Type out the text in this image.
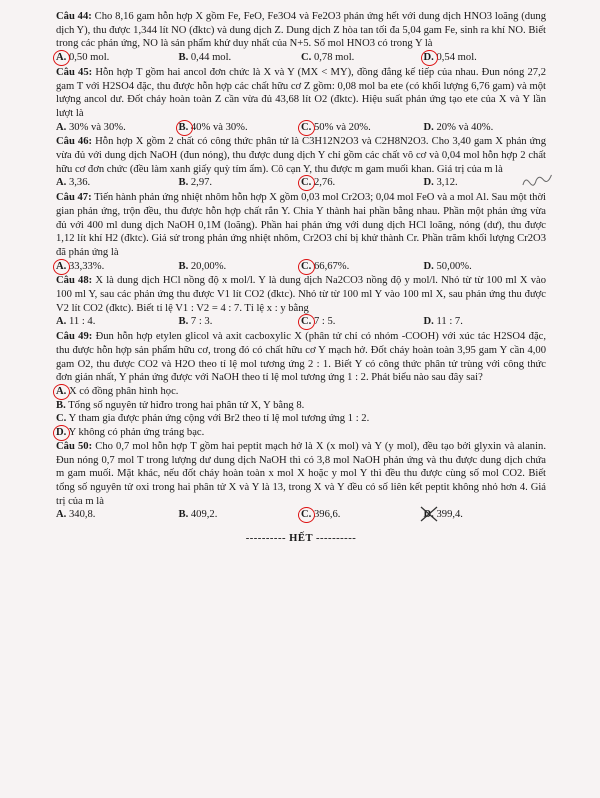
Câu 44: Cho 8,16 gam hỗn hợp X gồm Fe, FeO, Fe3O4 và Fe2O3 phản ứng hết với dung dịch HNO3 loãng (dung dịch Y), thu được 1,344 lít NO (đktc) và dung dịch Z. Dung dịch Z hòa tan tối đa 5,04 gam Fe, sinh ra khí NO. Biết trong các phản ứng, NO là sản phẩm khử duy nhất của N+5. Số mol HNO3 có trong Y là

A. 0,50 mol.	B. 0,44 mol.	C. 0,78 mol.	D. 0,54 mol.

Câu 45: Hỗn hợp T gồm hai ancol đơn chức là X và Y (MX < MY), đồng đẳng kế tiếp của nhau. Đun nóng 27,2 gam T với H2SO4 đặc, thu được hỗn hợp các chất hữu cơ Z gồm: 0,08 mol ba ete (có khối lượng 6,76 gam) và một lượng ancol dư. Đốt cháy hoàn toàn Z cần vừa đủ 43,68 lít O2 (đktc). Hiệu suất phản ứng tạo ete của X và Y lần lượt là

A. 30% và 30%.	B. 40% và 30%.	C. 50% và 20%.	D. 20% và 40%.

Câu 46: Hỗn hợp X gồm 2 chất có công thức phân tử là C3H12N2O3 và C2H8N2O3. Cho 3,40 gam X phản ứng vừa đủ với dung dịch NaOH (đun nóng), thu được dung dịch Y chỉ gồm các chất vô cơ và 0,04 mol hỗn hợp 2 chất hữu cơ đơn chức (đều làm xanh giấy quỳ tím ẩm). Cô cạn Y, thu được m gam muối khan. Giá trị của m là

A. 3,36.	B. 2,97.	C. 2,76.	D. 3,12.

Câu 47: Tiến hành phản ứng nhiệt nhôm hỗn hợp X gồm 0,03 mol Cr2O3; 0,04 mol FeO và a mol Al. Sau một thời gian phản ứng, trộn đều, thu được hỗn hợp chất rắn Y. Chia Y thành hai phần bằng nhau. Phần một phản ứng vừa đủ với 400 ml dung dịch NaOH 0,1M (loãng). Phần hai phản ứng với dung dịch HCl loãng, nóng (dư), thu được 1,12 lít khí H2 (đktc). Giả sử trong phản ứng nhiệt nhôm, Cr2O3 chỉ bị khử thành Cr. Phần trăm khối lượng Cr2O3 đã phản ứng là

A. 33,33%.	B. 20,00%.	C. 66,67%.	D. 50,00%.

Câu 48: X là dung dịch HCl nồng độ x mol/l. Y là dung dịch Na2CO3 nồng độ y mol/l. Nhỏ từ từ 100 ml X vào 100 ml Y, sau các phản ứng thu được V1 lít CO2 (đktc). Nhỏ từ từ 100 ml Y vào 100 ml X, sau phản ứng thu được V2 lít CO2 (đktc). Biết tỉ lệ V1 : V2 = 4 : 7. Tỉ lệ x : y bằng

A. 11 : 4.	B. 7 : 3.	C. 7 : 5.	D. 11 : 7.

Câu 49: Đun hỗn hợp etylen glicol và axit cacboxylic X (phân tử chỉ có nhóm -COOH) với xúc tác H2SO4 đặc, thu được hỗn hợp sản phẩm hữu cơ, trong đó có chất hữu cơ Y mạch hở. Đốt cháy hoàn toàn 3,95 gam Y cần 4,00 gam O2, thu được CO2 và H2O theo tỉ lệ mol tương ứng 2 : 1. Biết Y có công thức phân tử trùng với công thức đơn giản nhất, Y phản ứng được với NaOH theo tỉ lệ mol tương ứng 1 : 2. Phát biểu nào sau đây sai?

A. X có đồng phân hình học.
B. Tổng số nguyên tử hiđro trong hai phân tử X, Y bằng 8.
C. Y tham gia được phản ứng cộng với Br2 theo tỉ lệ mol tương ứng 1 : 2.
D. Y không có phản ứng tráng bạc.

Câu 50: Cho 0,7 mol hỗn hợp T gồm hai peptit mạch hở là X (x mol) và Y (y mol), đều tạo bởi glyxin và alanin. Đun nóng 0,7 mol T trong lượng dư dung dịch NaOH thì có 3,8 mol NaOH phản ứng và thu được dung dịch chứa m gam muối. Mặt khác, nếu đốt cháy hoàn toàn x mol X hoặc y mol Y thì đều thu được cùng số mol CO2. Biết tổng số nguyên tử oxi trong hai phân tử X và Y là 13, trong X và Y đều có số liên kết peptit không nhỏ hơn 4. Giá trị của m là

A. 340,8.	B. 409,2.	C. 396,6.	D. 399,4.
---------- HẾT ----------
